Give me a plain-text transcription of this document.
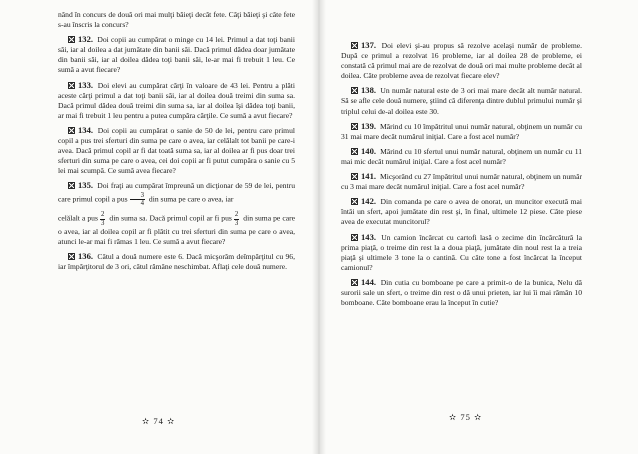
nând în concurs de două ori mai mulţi băieţi decât fete. Câţi băieţi şi câte fete s-au înscris la concurs?

132. Doi copii au cumpărat o minge cu 14 lei. Primul a dat toţi banii săi, iar al doilea a dat jumătate din banii săi. Dacă primul dădea doar jumătate din banii săi, iar al doilea dădea toţi banii săi, le-ar mai fi trebuit 1 leu. Ce sumă a avut fiecare?

133. Doi elevi au cumpărat cărţi în valoare de 43 lei. Pentru a plăti aceste cărţi primul a dat toţi banii săi, iar al doilea două treimi din suma sa. Dacă primul dădea două treimi din suma sa, iar al doilea îşi dădea toţi banii, ar mai fi trebuit 1 leu pentru a putea cumpăra cărţile. Ce sumă a avut fiecare?

134. Doi copii au cumpărat o sanie de 50 de lei, pentru care primul copil a pus trei sferturi din suma pe care o avea, iar celălalt tot banii pe care-i avea. Dacă primul copil ar fi dat toată suma sa, iar al doilea ar fi pus doar trei sferturi din suma pe care o avea, cei doi copii ar fi putut cumpăra o sanie cu 5 lei mai scumpă. Ce sumă avea fiecare?

135. Doi fraţi au cumpărat împreună un dicţionar de 59 de lei, pentru care primul copil a pus $\frac{3}{4}$ din suma pe care o avea, iar

celălalt a pus $\frac{2}{3}$ din suma sa. Dacă primul copil ar fi pus $\frac{2}{3}$ din suma pe care o avea, iar al doilea copil ar fi plătit cu trei sferturi din suma pe care o avea, atunci le-ar mai fi rămas 1 leu. Ce sumă a avut fiecare?

136. Câtul a două numere este 6. Dacă micşorăm deîmpărţitul cu 96, iar împărţitorul de 3 ori, câtul rămâne neschimbat. Aflaţi cele două numere.

✫ 74 ✫

137. Doi elevi şi-au propus să rezolve acelaşi număr de probleme. După ce primul a rezolvat 16 probleme, iar al doilea 28 de probleme, ei constată că primul mai are de rezolvat de două ori mai multe probleme decât al doilea. Câte probleme avea de rezolvat fiecare elev?

138. Un număr natural este de 3 ori mai mare decât alt număr natural. Să se afle cele două numere, ştiind că diferenţa dintre dublul primului număr şi triplul celui de-al doilea este 30.

139. Mărind cu 10 împătritul unui număr natural, obţinem un număr cu 31 mai mare decât numărul iniţial. Care a fost acel număr?

140. Mărind cu 10 sfertul unui număr natural, obţinem un număr cu 11 mai mic decât numărul iniţial. Care a fost acel număr?

141. Micşorând cu 27 împătritul unui număr natural, obţinem un număr cu 3 mai mare decât numărul iniţial. Care a fost acel număr?

142. Din comanda pe care o avea de onorat, un muncitor execută mai întâi un sfert, apoi jumătate din rest şi, în final, ultimele 12 piese. Câte piese avea de executat muncitorul?

143. Un camion încărcat cu cartofi lasă o zecime din încărcătură la prima piaţă, o treime din rest la a doua piaţă, jumătate din noul rest la a treia piaţă şi ultimele 3 tone la o cantină. Cu câte tone a fost încărcat la început camionul?

144. Din cutia cu bomboane pe care a primit-o de la bunica, Nelu dă surorii sale un sfert, o treime din rest o dă unui prieten, iar lui îi mai rămân 10 bomboane. Câte bomboane erau la început în cutie?

✫ 75 ✫
